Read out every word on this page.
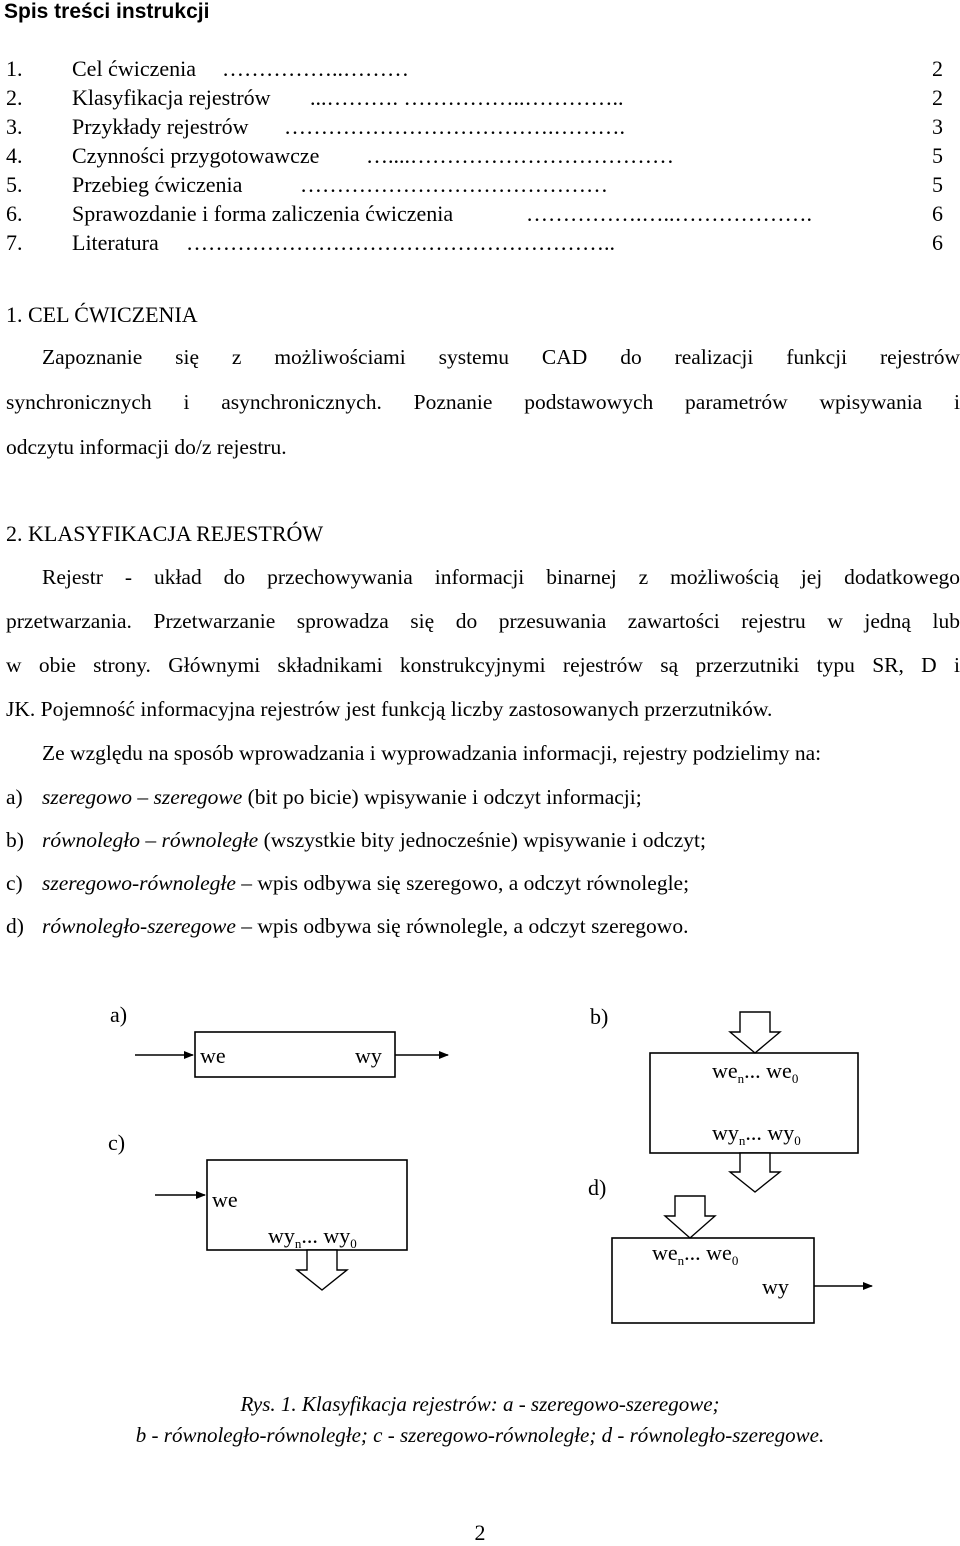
Spis treści instrukcji
1. Cel ćwiczenia ……………..………	2
2. Klasyfikacja rejestrów ...………. ……………..…………..	2
3. Przykłady rejestrów ……………………………….……….	3
4. Czynności przygotowawcze …....………………………………	5
5. Przebieg ćwiczenia	……………………………………	5
6. Sprawozdanie i forma zaliczenia ćwiczenia	…………….…..……………….	6
7. Literatura …………………………………………………..	6
1. CEL ĆWICZENIA
Zapoznanie się z możliwościami systemu CAD do realizacji funkcji rejestrów
synchronicznych i asynchronicznych. Poznanie podstawowych parametrów wpisywania i
odczytu informacji do/z rejestru.
2. KLASYFIKACJA REJESTRÓW
Rejestr - układ do przechowywania informacji binarnej z możliwością jej dodatkowego
przetwarzania. Przetwarzanie sprowadza się do przesuwania zawartości rejestru w jedną lub
w obie strony. Głównymi składnikami konstrukcyjnymi rejestrów są przerzutniki typu SR, D i
JK. Pojemność informacyjna rejestrów jest funkcją liczby zastosowanych przerzutników.
Ze względu na sposób wprowadzania i wyprowadzania informacji, rejestry podzielimy na:
a) szeregowo – szeregowe (bit po bicie) wpisywanie i odczyt informacji;
b) równoległo – równoległe (wszystkie bity jednocześnie) wpisywanie i odczyt;
c) szeregowo-równoległe – wpis odbywa się szeregowo, a odczyt równolegle;
d) równoległo-szeregowe – wpis odbywa się równolegle, a odczyt szeregowo.
a)
we	wy
b)
$we_n$... $we_0$
$wy_n$... $wy_0$
c)
we
$wy_n$... $wy_0$
d)
$we_n$... $we_0$
wy
Rys. 1. Klasyfikacja rejestrów: a - szeregowo-szeregowe;
b - równoległo-równoległe; c - szeregowo-równoległe; d - równoległo-szeregowe.
2
